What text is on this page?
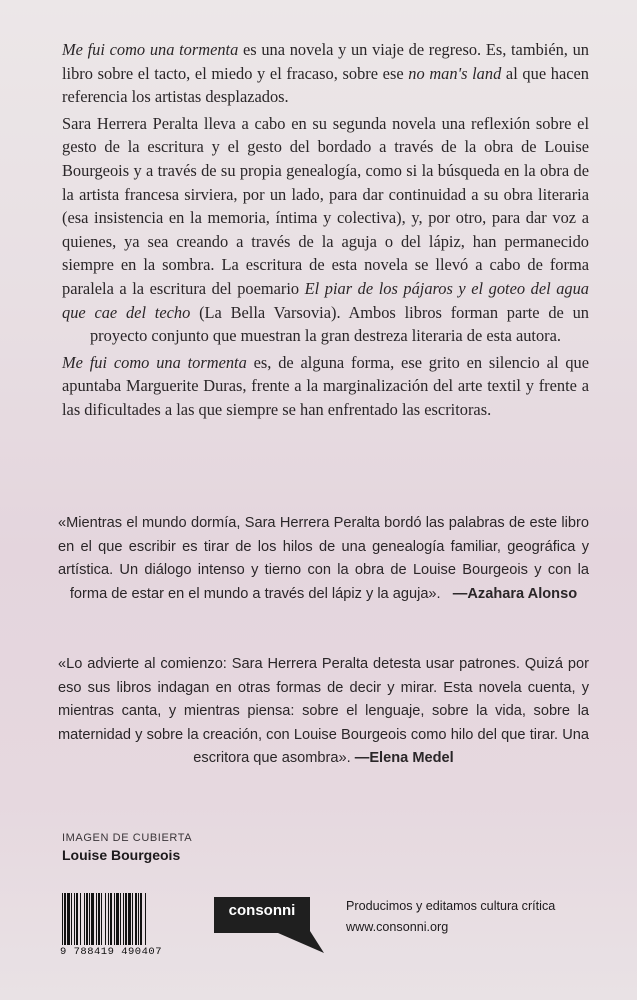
Me fui como una tormenta es una novela y un viaje de regreso. Es, también, un libro sobre el tacto, el miedo y el fracaso, sobre ese no man's land al que hacen referencia los artistas desplazados.

Sara Herrera Peralta lleva a cabo en su segunda novela una reflexión sobre el gesto de la escritura y el gesto del bordado a través de la obra de Louise Bourgeois y a través de su propia genealogía, como si la búsqueda en la obra de la artista francesa sirviera, por un lado, para dar continuidad a su obra literaria (esa insistencia en la memoria, íntima y colectiva), y, por otro, para dar voz a quienes, ya sea creando a través de la aguja o del lápiz, han permanecido siempre en la sombra. La escritura de esta novela se llevó a cabo de forma paralela a la escritura del poemario El piar de los pájaros y el goteo del agua que cae del techo (La Bella Varsovia). Ambos libros forman parte de un proyecto conjunto que muestran la gran destreza literaria de esta autora.

Me fui como una tormenta es, de alguna forma, ese grito en silencio al que apuntaba Marguerite Duras, frente a la marginalización del arte textil y frente a las dificultades a las que siempre se han enfrentado las escritoras.

«Mientras el mundo dormía, Sara Herrera Peralta bordó las palabras de este libro en el que escribir es tirar de los hilos de una genealogía familiar, geográfica y artística. Un diálogo intenso y tierno con la obra de Louise Bourgeois y con la forma de estar en el mundo a través del lápiz y la aguja». —Azahara Alonso

«Lo advierte al comienzo: Sara Herrera Peralta detesta usar patrones. Quizá por eso sus libros indagan en otras formas de decir y mirar. Esta novela cuenta, y mientras canta, y mientras piensa: sobre el lenguaje, sobre la vida, sobre la maternidad y sobre la creación, con Louise Bourgeois como hilo del que tirar. Una escritora que asombra». —Elena Medel

IMAGEN DE CUBIERTA
Louise Bourgeois
9 788419 490407
consonni	Producimos y editamos cultura crítica
www.consonni.org
